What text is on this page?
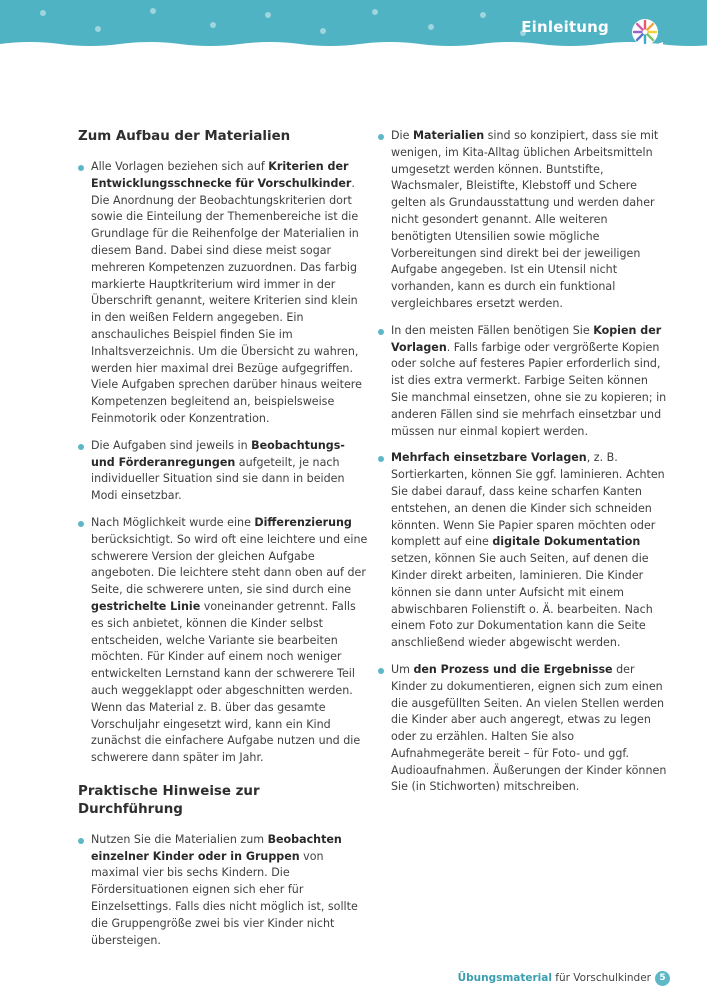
Einleitung
Zum Aufbau der Materialien

Alle Vorlagen beziehen sich auf Kriterien der Entwicklungsschnecke für Vorschulkinder. Die Anordnung der Beobachtungskriterien dort sowie die Einteilung der Themenbereiche ist die Grundlage für die Reihenfolge der Materialien in diesem Band. Dabei sind diese meist sogar mehreren Kompetenzen zuzuordnen. Das farbig markierte Hauptkriterium wird immer in der Überschrift genannt, weitere Kriterien sind klein in den weißen Feldern angegeben. Ein anschauliches Beispiel finden Sie im Inhaltsverzeichnis. Um die Übersicht zu wahren, werden hier maximal drei Bezüge aufgegriffen. Viele Aufgaben sprechen darüber hinaus weitere Kompetenzen begleitend an, beispielsweise Feinmotorik oder Konzentration.

Die Aufgaben sind jeweils in Beobachtungs- und Förderanregungen aufgeteilt, je nach individueller Situation sind sie dann in beiden Modi einsetzbar.

Nach Möglichkeit wurde eine Differenzierung berücksichtigt. So wird oft eine leichtere und eine schwerere Version der gleichen Aufgabe angeboten. Die leichtere steht dann oben auf der Seite, die schwerere unten, sie sind durch eine gestrichelte Linie voneinander getrennt. Falls es sich anbietet, können die Kinder selbst entscheiden, welche Variante sie bearbeiten möchten. Für Kinder auf einem noch weniger entwickelten Lernstand kann der schwerere Teil auch weggeklappt oder abgeschnitten werden. Wenn das Material z. B. über das gesamte Vorschuljahr eingesetzt wird, kann ein Kind zunächst die einfachere Aufgabe nutzen und die schwerere dann später im Jahr.

Praktische Hinweise zur Durchführung

Nutzen Sie die Materialien zum Beobachten einzelner Kinder oder in Gruppen von maximal vier bis sechs Kindern. Die Fördersituationen eignen sich eher für Einzelsettings. Falls dies nicht möglich ist, sollte die Gruppengröße zwei bis vier Kinder nicht übersteigen.

Die Materialien sind so konzipiert, dass sie mit wenigen, im Kita-Alltag üblichen Arbeitsmitteln umgesetzt werden können. Buntstifte, Wachsmaler, Bleistifte, Klebstoff und Schere gelten als Grundausstattung und werden daher nicht gesondert genannt. Alle weiteren benötigten Utensilien sowie mögliche Vorbereitungen sind direkt bei der jeweiligen Aufgabe angegeben. Ist ein Utensil nicht vorhanden, kann es durch ein funktional vergleichbares ersetzt werden.

In den meisten Fällen benötigen Sie Kopien der Vorlagen. Falls farbige oder vergrößerte Kopien oder solche auf festeres Papier erforderlich sind, ist dies extra vermerkt. Farbige Seiten können Sie manchmal einsetzen, ohne sie zu kopieren; in anderen Fällen sind sie mehrfach einsetzbar und müssen nur einmal kopiert werden.

Mehrfach einsetzbare Vorlagen, z. B. Sortierkarten, können Sie ggf. laminieren. Achten Sie dabei darauf, dass keine scharfen Kanten entstehen, an denen die Kinder sich schneiden könnten. Wenn Sie Papier sparen möchten oder komplett auf eine digitale Dokumentation setzen, können Sie auch Seiten, auf denen die Kinder direkt arbeiten, laminieren. Die Kinder können sie dann unter Aufsicht mit einem abwischbaren Folienstift o. Ä. bearbeiten. Nach einem Foto zur Dokumentation kann die Seite anschließend wieder abgewischt werden.

Um den Prozess und die Ergebnisse der Kinder zu dokumentieren, eignen sich zum einen die ausgefüllten Seiten. An vielen Stellen werden die Kinder aber auch angeregt, etwas zu legen oder zu erzählen. Halten Sie also Aufnahmegeräte bereit – für Foto- und ggf. Audioaufnahmen. Äußerungen der Kinder können Sie (in Stichworten) mitschreiben.

Übungsmaterial für Vorschulkinder 5
